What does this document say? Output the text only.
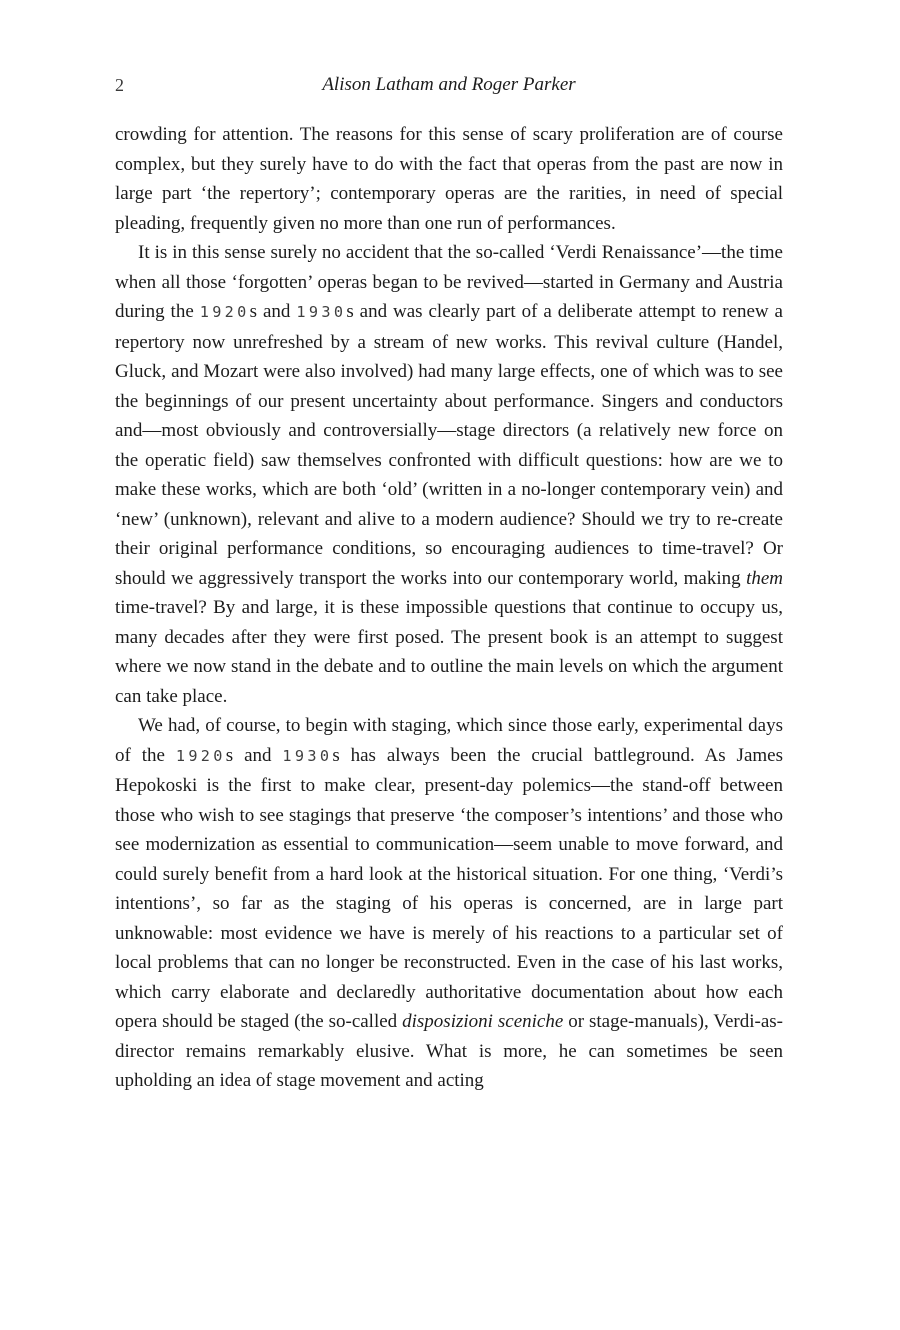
2	Alison Latham and Roger Parker

crowding for attention. The reasons for this sense of scary proliferation are of course complex, but they surely have to do with the fact that operas from the past are now in large part ‘the repertory’; contemporary operas are the rarities, in need of special pleading, frequently given no more than one run of performances.

It is in this sense surely no accident that the so-called ‘Verdi Renaissance’—the time when all those ‘forgotten’ operas began to be revived—started in Germany and Austria during the 1920s and 1930s and was clearly part of a deliberate attempt to renew a repertory now unrefreshed by a stream of new works. This revival culture (Handel, Gluck, and Mozart were also involved) had many large effects, one of which was to see the beginnings of our present uncertainty about performance. Singers and conductors and—most obviously and controversially—stage directors (a relatively new force on the operatic field) saw themselves confronted with difficult questions: how are we to make these works, which are both ‘old’ (written in a no-longer contemporary vein) and ‘new’ (unknown), relevant and alive to a modern audience? Should we try to re-create their original performance conditions, so encouraging audiences to time-travel? Or should we aggressively transport the works into our contemporary world, making them time-travel? By and large, it is these impossible questions that continue to occupy us, many decades after they were first posed. The present book is an attempt to suggest where we now stand in the debate and to outline the main levels on which the argument can take place.

We had, of course, to begin with staging, which since those early, experimental days of the 1920s and 1930s has always been the crucial battleground. As James Hepokoski is the first to make clear, present-day polemics—the stand-off between those who wish to see stagings that preserve ‘the composer’s intentions’ and those who see modernization as essential to communication—seem unable to move forward, and could surely benefit from a hard look at the historical situation. For one thing, ‘Verdi’s intentions’, so far as the staging of his operas is concerned, are in large part unknowable: most evidence we have is merely of his reactions to a particular set of local problems that can no longer be reconstructed. Even in the case of his last works, which carry elaborate and declaredly authoritative documentation about how each opera should be staged (the so-called disposizioni sceniche or stage-manuals), Verdi-as-director remains remarkably elusive. What is more, he can sometimes be seen upholding an idea of stage movement and acting
